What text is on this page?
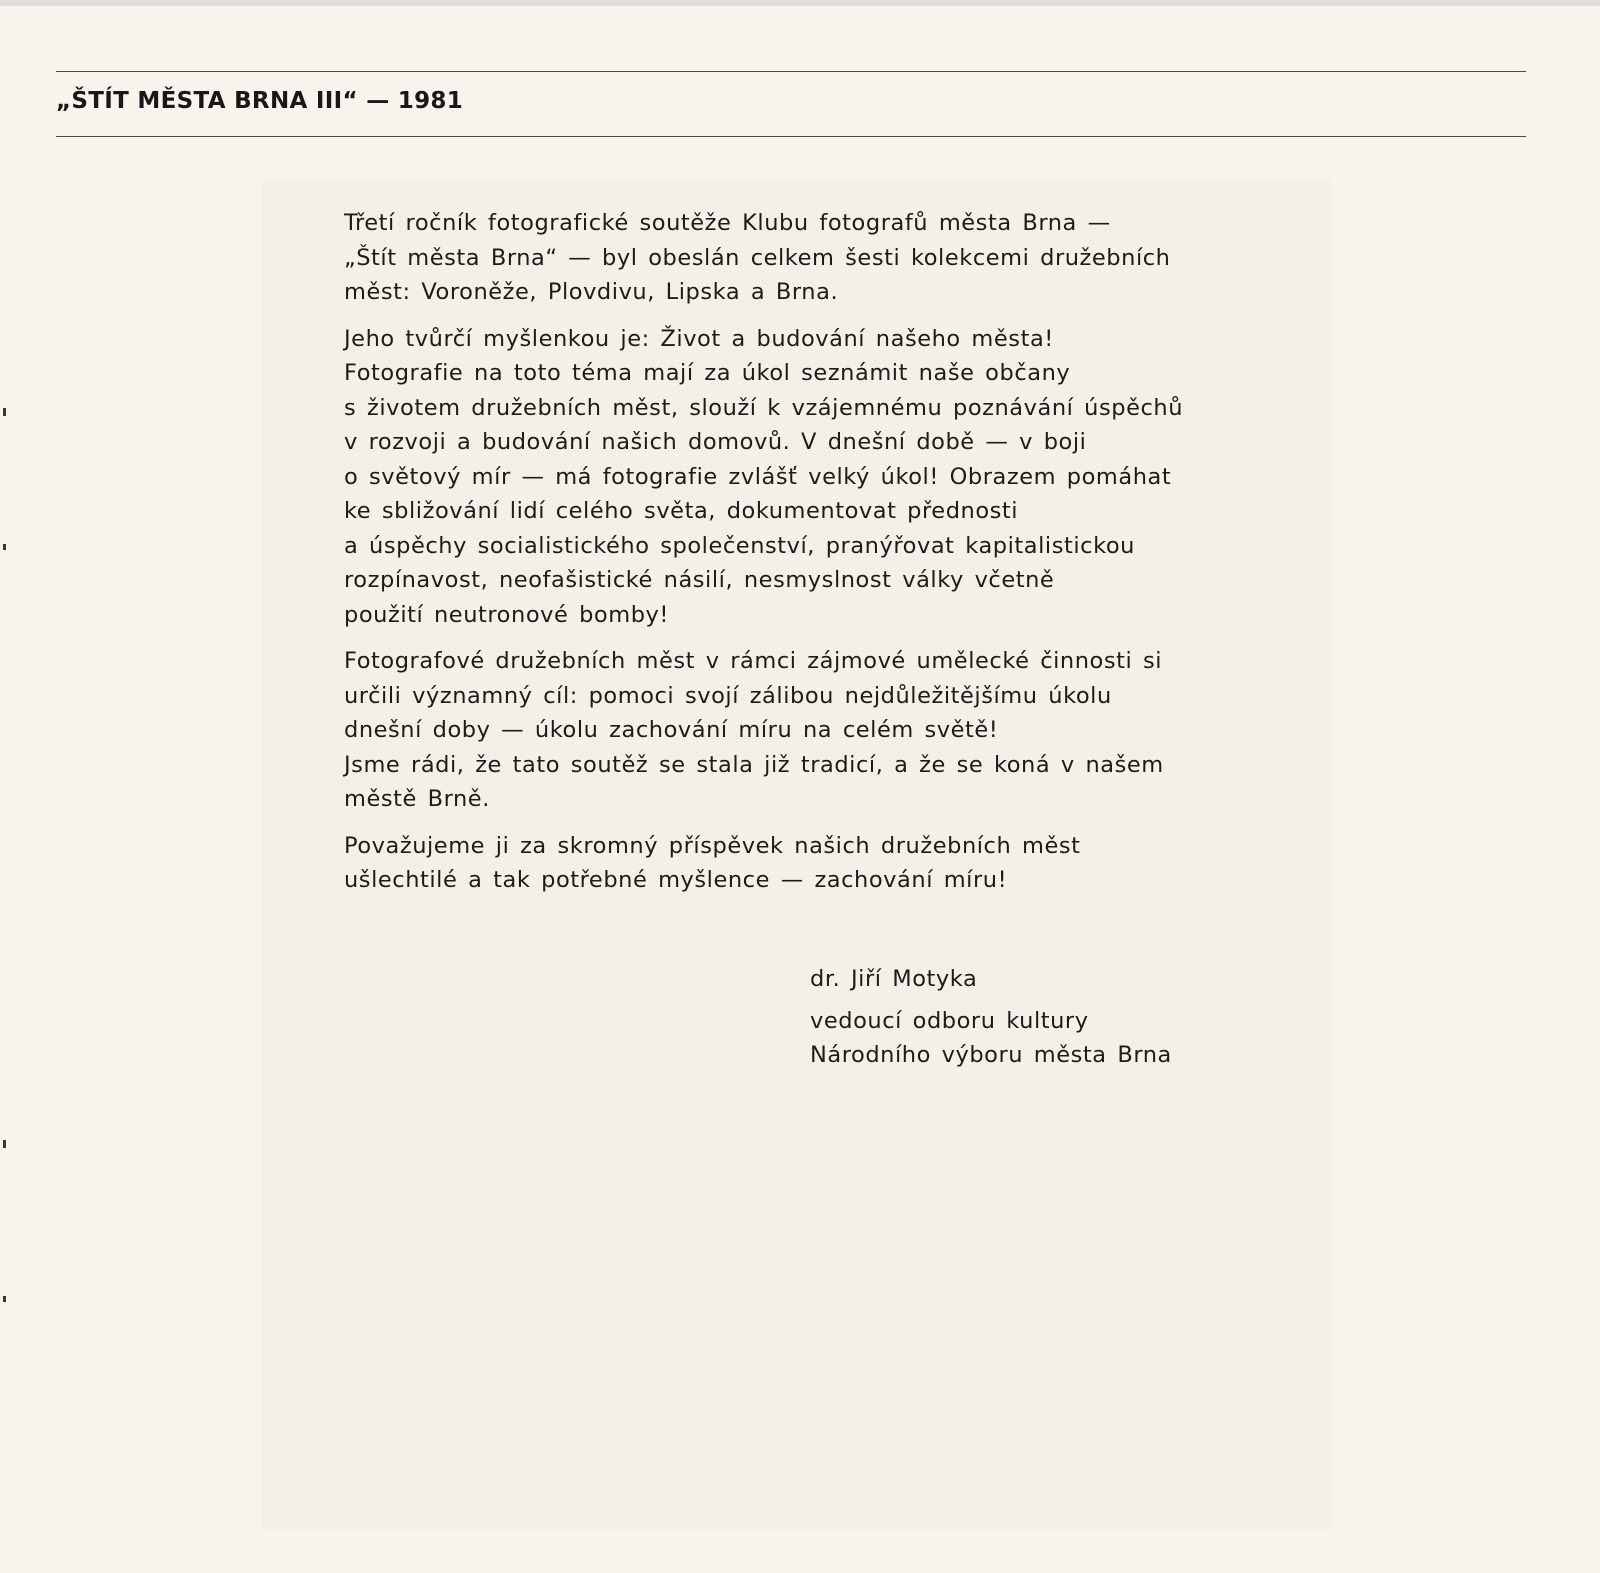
„ŠTÍT MĚSTA BRNA III“ — 1981

Třetí ročník fotografické soutěže Klubu fotografů města Brna —
„Štít města Brna“ — byl obeslán celkem šesti kolekcemi družebních
měst: Voroněže, Plovdivu, Lipska a Brna.

Jeho tvůrčí myšlenkou je: Život a budování našeho města!
Fotografie na toto téma mají za úkol seznámit naše občany
s životem družebních měst, slouží k vzájemnému poznávání úspěchů
v rozvoji a budování našich domovů. V dnešní době — v boji
o světový mír — má fotografie zvlášť velký úkol! Obrazem pomáhat
ke sbližování lidí celého světa, dokumentovat přednosti
a úspěchy socialistického společenství, pranýřovat kapitalistickou
rozpínavost, neofašistické násilí, nesmyslnost války včetně
použití neutronové bomby!

Fotografové družebních měst v rámci zájmové umělecké činnosti si
určili významný cíl: pomoci svojí zálibou nejdůležitějšímu úkolu
dnešní doby — úkolu zachování míru na celém světě!
Jsme rádi, že tato soutěž se stala již tradicí, a že se koná v našem
městě Brně.

Považujeme ji za skromný příspěvek našich družebních měst
ušlechtilé a tak potřebné myšlence — zachování míru!

dr. Jiří Motyka
vedoucí odboru kultury
Národního výboru města Brna
